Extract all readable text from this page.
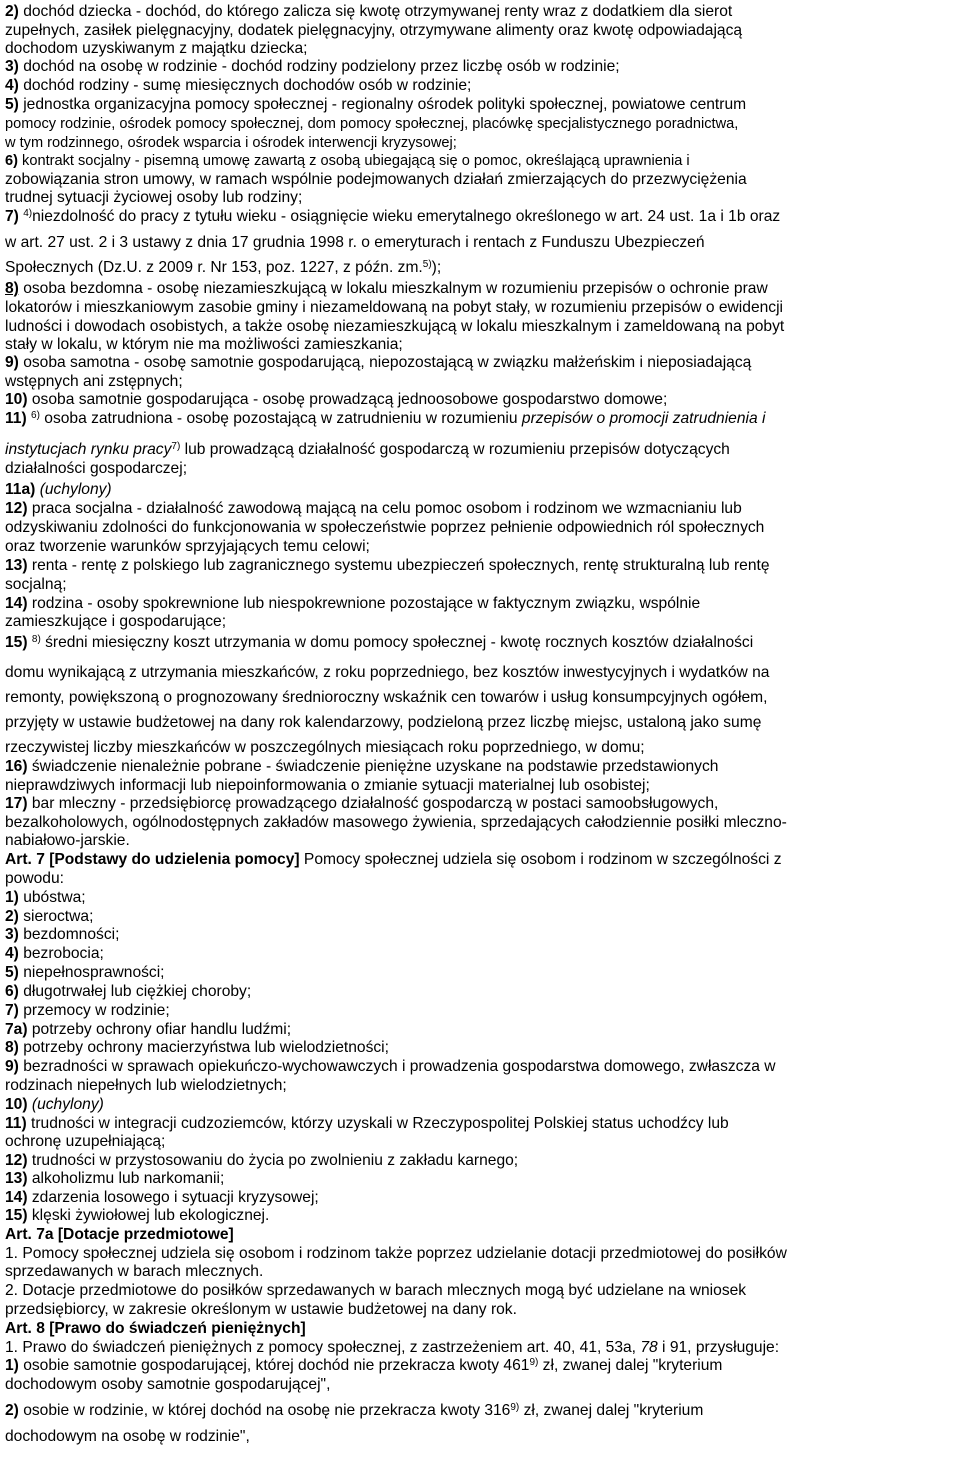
2) dochód dziecka - dochód, do którego zalicza się kwotę otrzymywanej renty wraz z dodatkiem dla sierot
zupełnych, zasiłek pielęgnacyjny, dodatek pielęgnacyjny, otrzymywane alimenty oraz kwotę odpowiadającą
dochodom uzyskiwanym z majątku dziecka;
3) dochód na osobę w rodzinie - dochód rodziny podzielony przez liczbę osób w rodzinie;
4) dochód rodziny - sumę miesięcznych dochodów osób w rodzinie;
5) jednostka organizacyjna pomocy społecznej - regionalny ośrodek polityki społecznej, powiatowe centrum
pomocy rodzinie, ośrodek pomocy społecznej, dom pomocy społecznej, placówkę specjalistycznego poradnictwa,
w tym rodzinnego, ośrodek wsparcia i ośrodek interwencji kryzysowej;
6) kontrakt socjalny - pisemną umowę zawartą z osobą ubiegającą się o pomoc, określającą uprawnienia i
zobowiązania stron umowy, w ramach wspólnie podejmowanych działań zmierzających do przezwyciężenia
trudnej sytuacji życiowej osoby lub rodziny;
7) $^{4)}$niezdolność do pracy z tytułu wieku - osiągnięcie wieku emerytalnego określonego w art. 24 ust. 1a i 1b oraz
w art. 27 ust. 2 i 3 ustawy z dnia 17 grudnia 1998 r. o emeryturach i rentach z Funduszu Ubezpieczeń
Społecznych (Dz.U. z 2009 r. Nr 153, poz. 1227, z późn. zm.$^{5)}$);
8) osoba bezdomna - osobę niezamieszkującą w lokalu mieszkalnym w rozumieniu przepisów o ochronie praw
lokatorów i mieszkaniowym zasobie gminy i niezameldowaną na pobyt stały, w rozumieniu przepisów o ewidencji
ludności i dowodach osobistych, a także osobę niezamieszkującą w lokalu mieszkalnym i zameldowaną na pobyt
stały w lokalu, w którym nie ma możliwości zamieszkania;
9) osoba samotna - osobę samotnie gospodarującą, niepozostającą w związku małżeńskim i nieposiadającą
wstępnych ani zstępnych;
10) osoba samotnie gospodarująca - osobę prowadzącą jednoosobowe gospodarstwo domowe;
11) $^{6)}$ osoba zatrudniona - osobę pozostającą w zatrudnieniu w rozumieniu przepisów o promocji zatrudnienia i
instytucjach rynku pracy$^{7)}$ lub prowadzącą działalność gospodarczą w rozumieniu przepisów dotyczących
działalności gospodarczej;
11a) (uchylony)
12) praca socjalna - działalność zawodową mającą na celu pomoc osobom i rodzinom we wzmacnianiu lub
odzyskiwaniu zdolności do funkcjonowania w społeczeństwie poprzez pełnienie odpowiednich ról społecznych
oraz tworzenie warunków sprzyjających temu celowi;
13) renta - rentę z polskiego lub zagranicznego systemu ubezpieczeń społecznych, rentę strukturalną lub rentę
socjalną;
14) rodzina - osoby spokrewnione lub niespokrewnione pozostające w faktycznym związku, wspólnie
zamieszkujące i gospodarujące;
15) $^{8)}$ średni miesięczny koszt utrzymania w domu pomocy społecznej - kwotę rocznych kosztów działalności
domu wynikającą z utrzymania mieszkańców, z roku poprzedniego, bez kosztów inwestycyjnych i wydatków na
remonty, powiększoną o prognozowany średnioroczny wskaźnik cen towarów i usług konsumpcyjnych ogółem,
przyjęty w ustawie budżetowej na dany rok kalendarzowy, podzieloną przez liczbę miejsc, ustaloną jako sumę
rzeczywistej liczby mieszkańców w poszczególnych miesiącach roku poprzedniego, w domu;
16) świadczenie nienależnie pobrane - świadczenie pieniężne uzyskane na podstawie przedstawionych
nieprawdziwych informacji lub niepoinformowania o zmianie sytuacji materialnej lub osobistej;
17) bar mleczny - przedsiębiorcę prowadzącego działalność gospodarczą w postaci samoobsługowych,
bezalkoholowych, ogólnodostępnych zakładów masowego żywienia, sprzedających całodziennie posiłki mleczno-
nabiałowo-jarskie.
Art. 7 [Podstawy do udzielenia pomocy] Pomocy społecznej udziela się osobom i rodzinom w szczególności z
powodu:
1) ubóstwa;
2) sieroctwa;
3) bezdomności;
4) bezrobocia;
5) niepełnosprawności;
6) długotrwałej lub ciężkiej choroby;
7) przemocy w rodzinie;
7a) potrzeby ochrony ofiar handlu ludźmi;
8) potrzeby ochrony macierzyństwa lub wielodzietności;
9) bezradności w sprawach opiekuńczo-wychowawczych i prowadzenia gospodarstwa domowego, zwłaszcza w
rodzinach niepełnych lub wielodzietnych;
10) (uchylony)
11) trudności w integracji cudzoziemców, którzy uzyskali w Rzeczypospolitej Polskiej status uchodźcy lub
ochronę uzupełniającą;
12) trudności w przystosowaniu do życia po zwolnieniu z zakładu karnego;
13) alkoholizmu lub narkomanii;
14) zdarzenia losowego i sytuacji kryzysowej;
15) klęski żywiołowej lub ekologicznej.
Art. 7a [Dotacje przedmiotowe]
1. Pomocy społecznej udziela się osobom i rodzinom także poprzez udzielanie dotacji przedmiotowej do posiłków
sprzedawanych w barach mlecznych.
2. Dotacje przedmiotowe do posiłków sprzedawanych w barach mlecznych mogą być udzielane na wniosek
przedsiębiorcy, w zakresie określonym w ustawie budżetowej na dany rok.
Art. 8 [Prawo do świadczeń pieniężnych]
1. Prawo do świadczeń pieniężnych z pomocy społecznej, z zastrzeżeniem art. 40, 41, 53a, 78 i 91, przysługuje:
1) osobie samotnie gospodarującej, której dochód nie przekracza kwoty 461$^{9)}$ zł, zwanej dalej "kryterium
dochodowym osoby samotnie gospodarującej",
2) osobie w rodzinie, w której dochód na osobę nie przekracza kwoty 316$^{9)}$ zł, zwanej dalej "kryterium
dochodowym na osobę w rodzinie",
